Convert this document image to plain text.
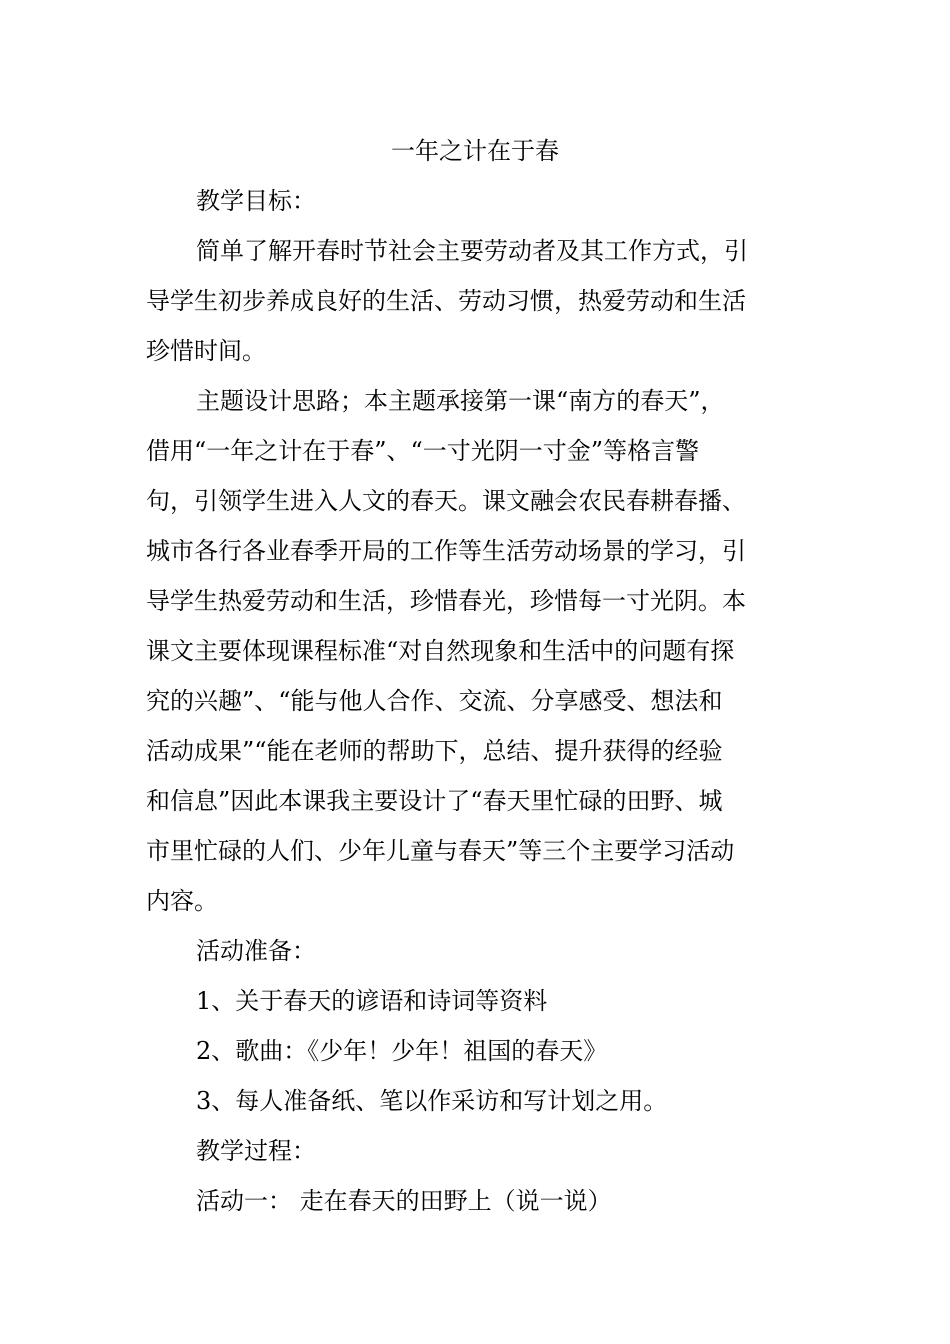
一年之计在于春
教学目标：
简单了解开春时节社会主要劳动者及其工作方式，引
导学生初步养成良好的生活、劳动习惯，热爱劳动和生活
珍惜时间。
主题设计思路；本主题承接第一课“南方的春天”，
借用“一年之计在于春”、“一寸光阴一寸金”等格言警
句，引领学生进入人文的春天。课文融会农民春耕春播、
城市各行各业春季开局的工作等生活劳动场景的学习，引
导学生热爱劳动和生活，珍惜春光，珍惜每一寸光阴。本
课文主要体现课程标准“对自然现象和生活中的问题有探
究的兴趣”、“能与他人合作、交流、分享感受、想法和
活动成果”“能在老师的帮助下，总结、提升获得的经验
和信息”因此本课我主要设计了“春天里忙碌的田野、城
市里忙碌的人们、少年儿童与春天”等三个主要学习活动
内容。
活动准备：
1、关于春天的谚语和诗词等资料
2、歌曲：《少年！少年！祖国的春天》
3、每人准备纸、笔以作采访和写计划之用。
教学过程：
活动一： 走在春天的田野上（说一说）
